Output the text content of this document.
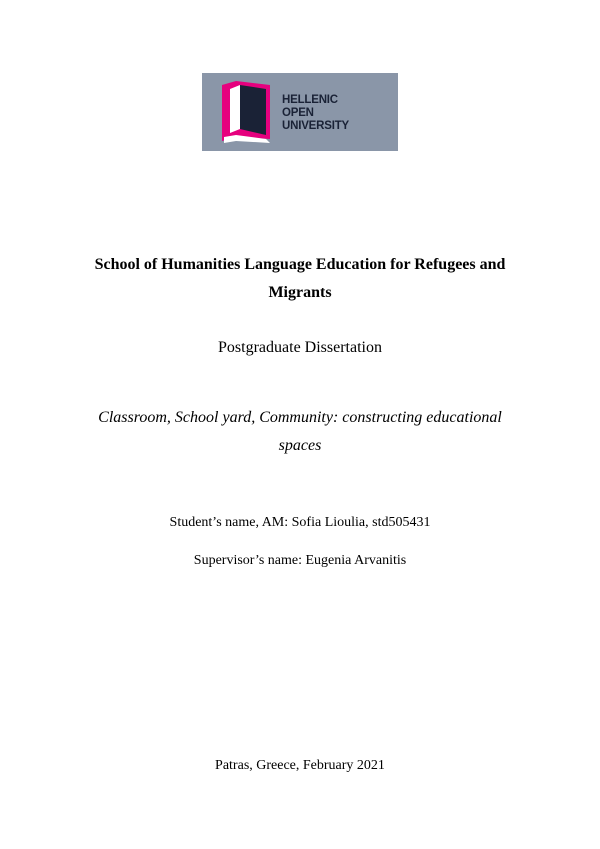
HELLENIC
OPEN
UNIVERSITY
School of Humanities Language Education for Refugees and
Migrants
Postgraduate Dissertation
Classroom, School yard, Community: constructing educational
spaces
Student’s name, AM: Sofia Lioulia, std505431
Supervisor’s name: Eugenia Arvanitis
Patras, Greece, February 2021
